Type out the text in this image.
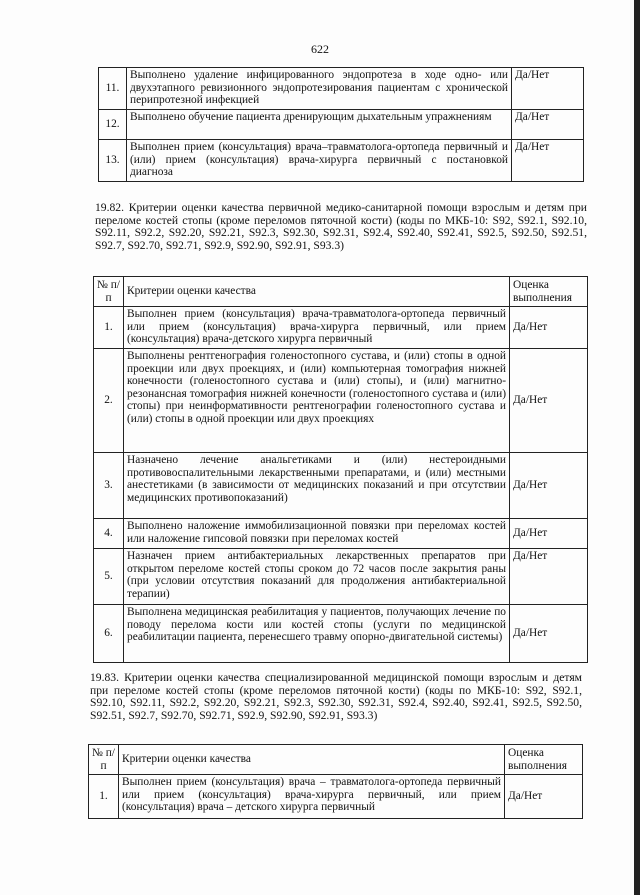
622
11.	Выполнено удаление инфицированного эндопротеза в ходе одно- или двухэтапного ревизионного эндопротезирования пациентам с хронической перипротезной инфекцией	Да/Нет
12.	Выполнено обучение пациента дренирующим дыхательным упражнениям	Да/Нет
13.	Выполнен прием (консультация) врача–травматолога-ортопеда первичный и (или) прием (консультация) врача-хирурга первичный с постановкой диагноза	Да/Нет
19.82. Критерии оценки качества первичной медико-санитарной помощи взрослым и детям при переломе костей стопы (кроме переломов пяточной кости) (коды по МКБ-10: S92, S92.1, S92.10, S92.11, S92.2, S92.20, S92.21, S92.3, S92.30, S92.31, S92.4, S92.40, S92.41, S92.5, S92.50, S92.51, S92.7, S92.70, S92.71, S92.9, S92.90, S92.91, S93.3)
№ п/п	Критерии оценки качества	Оценка выполнения
1.	Выполнен прием (консультация) врача-травматолога-ортопеда первичный или прием (консультация) врача-хирурга первичный, или прием (консультация) врача-детского хирурга первичный	Да/Нет
2.	Выполнены рентгенография голеностопного сустава, и (или) стопы в одной проекции или двух проекциях, и (или) компьютерная томография нижней конечности (голеностопного сустава и (или) стопы), и (или) магнитно-резонансная томография нижней конечности (голеностопного сустава и (или) стопы) при неинформативности рентгенографии голеностопного сустава и (или) стопы в одной проекции или двух проекциях	Да/Нет
3.	Назначено лечение анальгетиками и (или) нестероидными противовоспалительными лекарственными препаратами, и (или) местными анестетиками (в зависимости от медицинских показаний и при отсутствии медицинских противопоказаний)	Да/Нет
4.	Выполнено наложение иммобилизационной повязки при переломах костей или наложение гипсовой повязки при переломах костей	Да/Нет
5.	Назначен прием антибактериальных лекарственных препаратов при открытом переломе костей стопы сроком до 72 часов после закрытия раны (при условии отсутствия показаний для продолжения антибактериальной терапии)	Да/Нет
6.	Выполнена медицинская реабилитация у пациентов, получающих лечение по поводу перелома кости или костей стопы (услуги по медицинской реабилитации пациента, перенесшего травму опорно-двигательной системы)	Да/Нет
19.83. Критерии оценки качества специализированной медицинской помощи взрослым и детям при переломе костей стопы (кроме переломов пяточной кости) (коды по МКБ-10: S92, S92.1, S92.10, S92.11, S92.2, S92.20, S92.21, S92.3, S92.30, S92.31, S92.4, S92.40, S92.41, S92.5, S92.50, S92.51, S92.7, S92.70, S92.71, S92.9, S92.90, S92.91, S93.3)
№ п/п	Критерии оценки качества	Оценка выполнения
1.	Выполнен прием (консультация) врача – травматолога-ортопеда первичный или прием (консультация) врача-хирурга первичный, или прием (консультация) врача – детского хирурга первичный	Да/Нет
